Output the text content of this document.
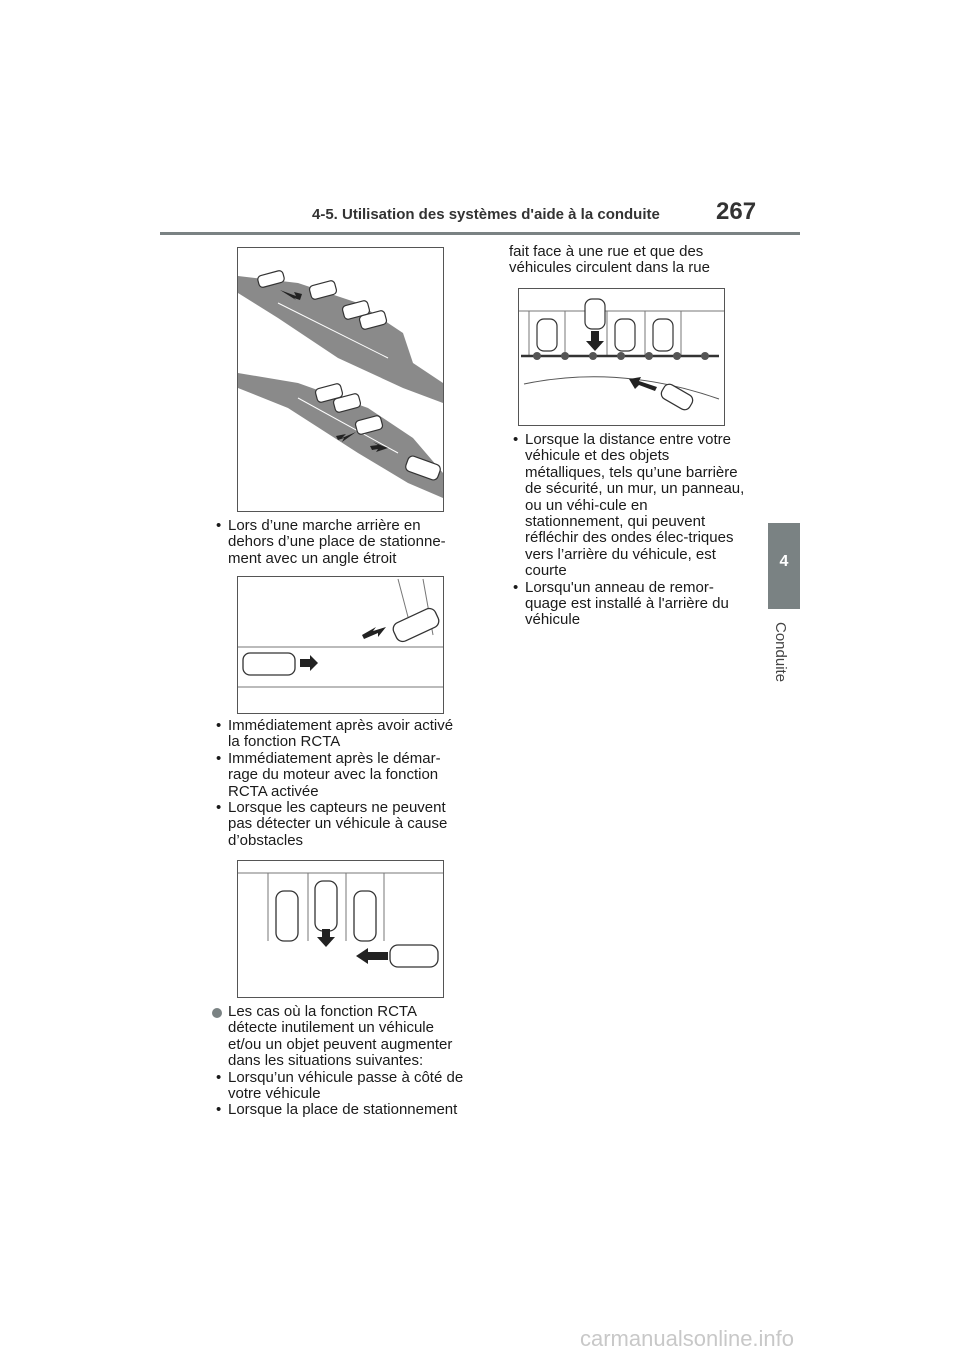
4-5. Utilisation des systèmes d'aide à la conduite 267
4
Conduite
• Lors d’une marche arrière en dehors d’une place de stationne-ment avec un angle étroit
• Immédiatement après avoir activé la fonction RCTA
• Immédiatement après le démar-rage du moteur avec la fonction RCTA activée
• Lorsque les capteurs ne peuvent pas détecter un véhicule à cause d’obstacles
Les cas où la fonction RCTA détecte inutilement un véhicule et/ou un objet peuvent augmenter dans les situations suivantes:
• Lorsqu’un véhicule passe à côté de votre véhicule
• Lorsque la place de stationnement
fait face à une rue et que des véhicules circulent dans la rue
• Lorsque la distance entre votre véhicule et des objets métalliques, tels qu’une barrière de sécurité, un mur, un panneau, ou un véhi-cule en stationnement, qui peuvent réfléchir des ondes élec-triques vers l’arrière du véhicule, est courte
• Lorsqu'un anneau de remor-quage est installé à l'arrière du véhicule
carmanualsonline.info
